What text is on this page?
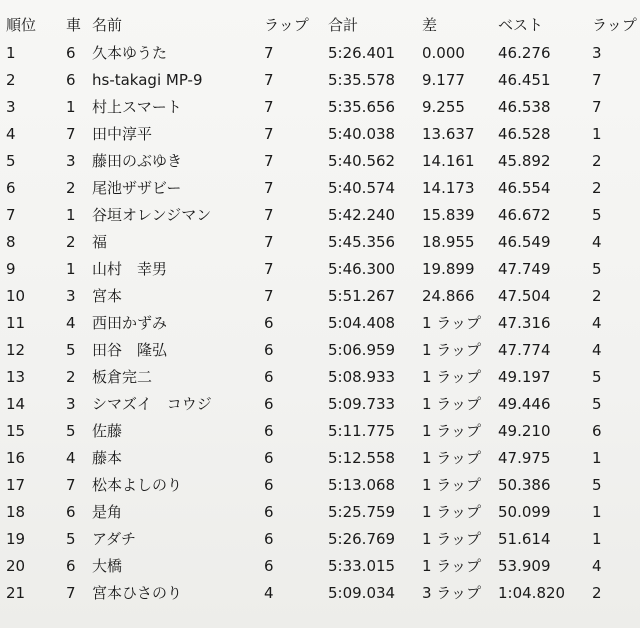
順位	車	名前	ラップ	合計	差	ベスト	ラップ
1	6	久本ゆうた	7	5:26.401	0.000	46.276	3
2	6	hs-takagi MP-9	7	5:35.578	9.177	46.451	7
3	1	村上スマート	7	5:35.656	9.255	46.538	7
4	7	田中淳平	7	5:40.038	13.637	46.528	1
5	3	藤田のぶゆき	7	5:40.562	14.161	45.892	2
6	2	尾池ザザビー	7	5:40.574	14.173	46.554	2
7	1	谷垣オレンジマン	7	5:42.240	15.839	46.672	5
8	2	福	7	5:45.356	18.955	46.549	4
9	1	山村　幸男	7	5:46.300	19.899	47.749	5
10	3	宮本	7	5:51.267	24.866	47.504	2
11	4	西田かずみ	6	5:04.408	1 ラップ	47.316	4
12	5	田谷　隆弘	6	5:06.959	1 ラップ	47.774	4
13	2	板倉完二	6	5:08.933	1 ラップ	49.197	5
14	3	シマズイ　コウジ	6	5:09.733	1 ラップ	49.446	5
15	5	佐藤	6	5:11.775	1 ラップ	49.210	6
16	4	藤本	6	5:12.558	1 ラップ	47.975	1
17	7	松本よしのり	6	5:13.068	1 ラップ	50.386	5
18	6	是角	6	5:25.759	1 ラップ	50.099	1
19	5	アダチ	6	5:26.769	1 ラップ	51.614	1
20	6	大橋	6	5:33.015	1 ラップ	53.909	4
21	7	宮本ひさのり	4	5:09.034	3 ラップ	1:04.820	2
